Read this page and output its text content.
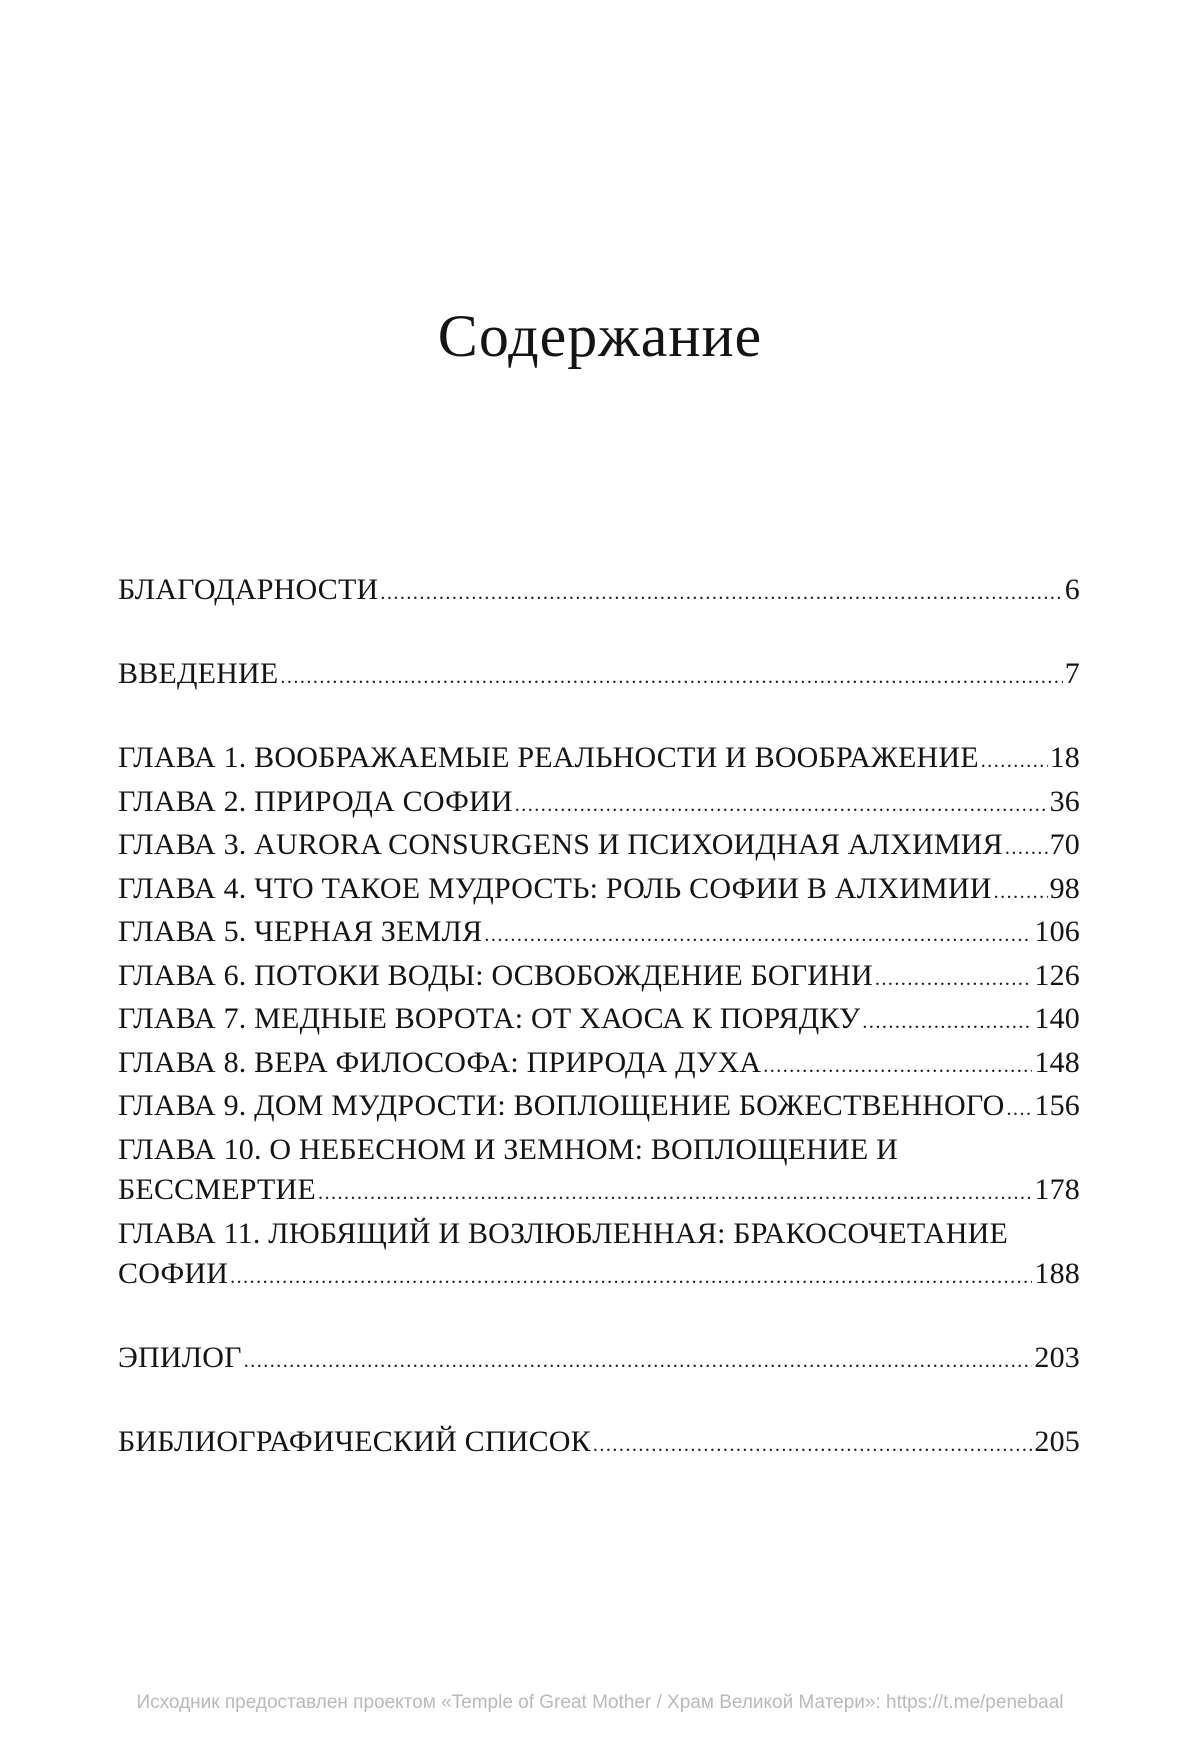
Содержание
БЛАГОДАРНОСТИ .....	6
ВВЕДЕНИЕ .....	7
ГЛАВА 1. ВООБРАЖАЕМЫЕ РЕАЛЬНОСТИ И ВООБРАЖЕНИЕ ..... 18
ГЛАВА 2. ПРИРОДА СОФИИ .....	36
ГЛАВА 3. AURORA CONSURGENS И ПСИХОИДНАЯ АЛХИМИЯ ..... 70
ГЛАВА 4. ЧТО ТАКОЕ МУДРОСТЬ: РОЛЬ СОФИИ В АЛХИМИИ ..... 98
ГЛАВА 5. ЧЕРНАЯ ЗЕМЛЯ .....	106
ГЛАВА 6. ПОТОКИ ВОДЫ: ОСВОБОЖДЕНИЕ БОГИНИ .....	126
ГЛАВА 7. МЕДНЫЕ ВОРОТА: ОТ ХАОСА К ПОРЯДКУ .....	140
ГЛАВА 8. ВЕРА ФИЛОСОФА: ПРИРОДА ДУХА .....	148
ГЛАВА 9. ДОМ МУДРОСТИ: ВОПЛОЩЕНИЕ БОЖЕСТВЕННОГО ..... 156
ГЛАВА 10. О НЕБЕСНОМ И ЗЕМНОМ: ВОПЛОЩЕНИЕ И
БЕССМЕРТИЕ .....	178
ГЛАВА 11. ЛЮБЯЩИЙ И ВОЗЛЮБЛЕННАЯ: БРАКОСОЧЕТАНИЕ
СОФИИ .....	188
ЭПИЛОГ .....	203
БИБЛИОГРАФИЧЕСКИЙ СПИСОК .....	205
Исходник предоставлен проектом «Temple of Great Mother / Храм Великой Матери»: https://t.me/penebaal
